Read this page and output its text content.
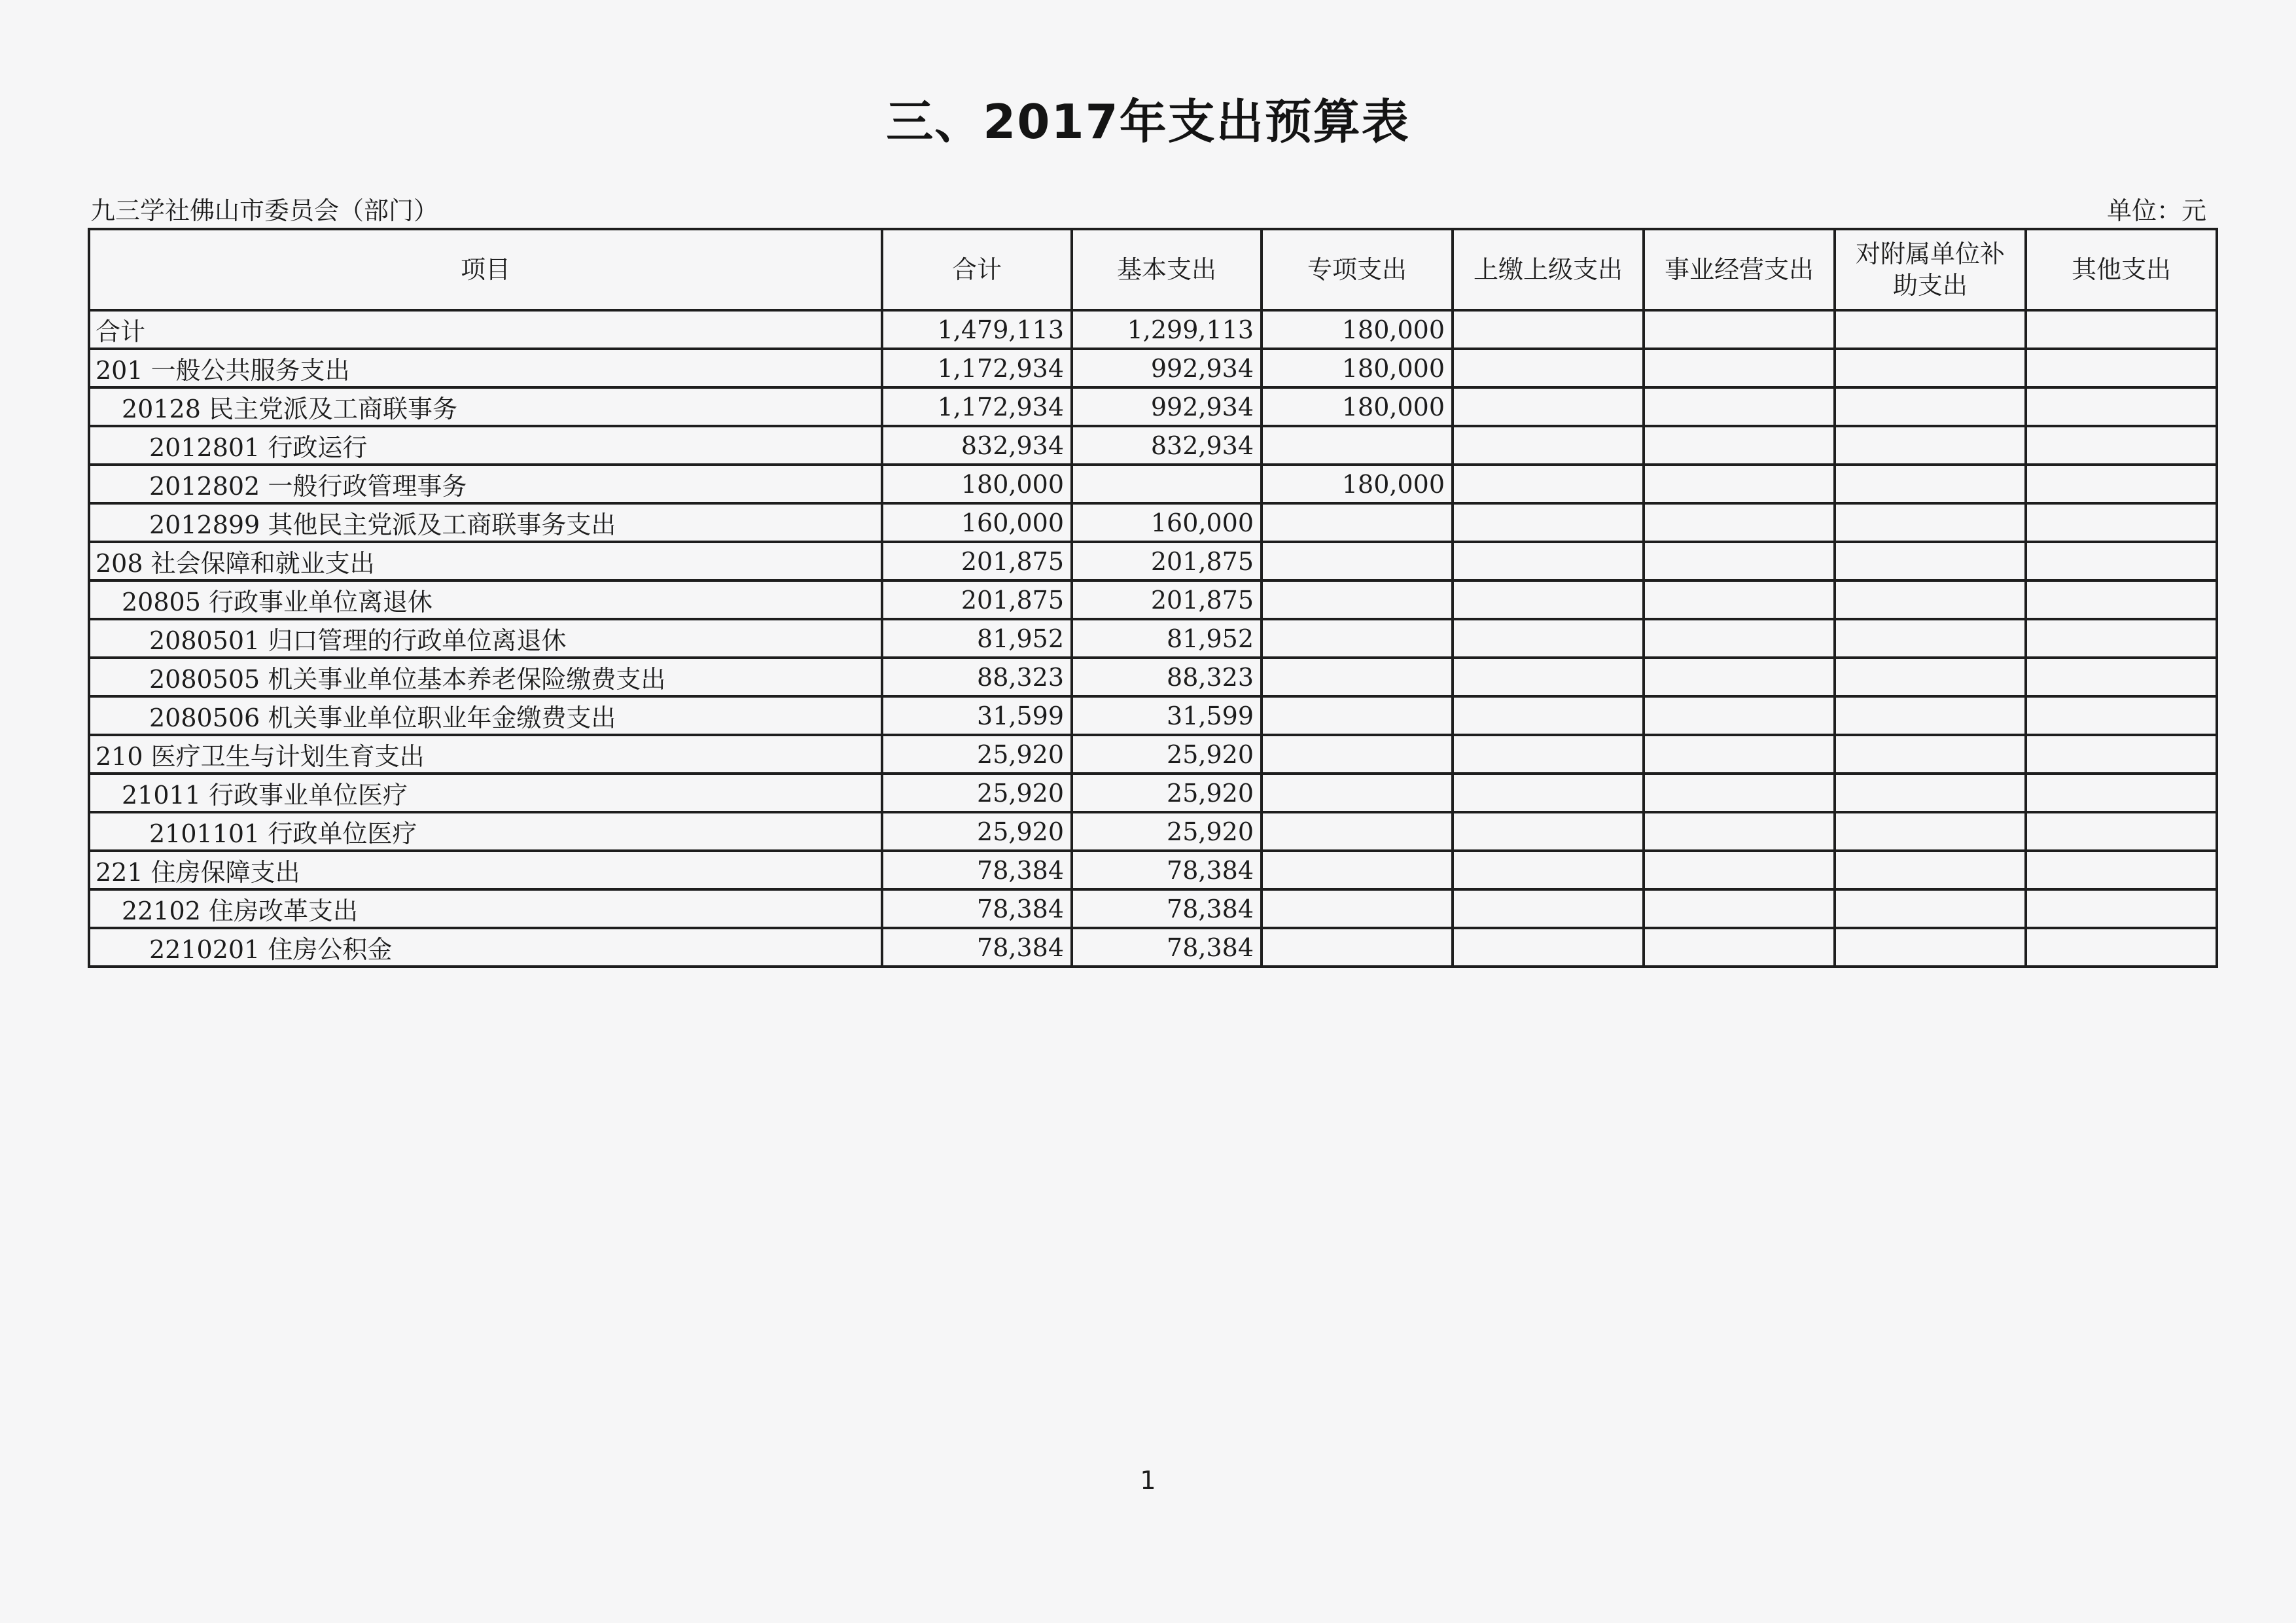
三、2017年支出预算表
九三学社佛山市委员会（部门）	单位：元
项目	合计	基本支出	专项支出	上缴上级支出	事业经营支出	对附属单位补助支出	其他支出
合计	1,479,113	1,299,113	180,000				
201 一般公共服务支出	1,172,934	992,934	180,000				
20128 民主党派及工商联事务	1,172,934	992,934	180,000				
2012801 行政运行	832,934	832,934					
2012802 一般行政管理事务	180,000		180,000				
2012899 其他民主党派及工商联事务支出	160,000	160,000					
208 社会保障和就业支出	201,875	201,875					
20805 行政事业单位离退休	201,875	201,875					
2080501 归口管理的行政单位离退休	81,952	81,952					
2080505 机关事业单位基本养老保险缴费支出	88,323	88,323					
2080506 机关事业单位职业年金缴费支出	31,599	31,599					
210 医疗卫生与计划生育支出	25,920	25,920					
21011 行政事业单位医疗	25,920	25,920					
2101101 行政单位医疗	25,920	25,920					
221 住房保障支出	78,384	78,384					
22102 住房改革支出	78,384	78,384					
2210201 住房公积金	78,384	78,384					
1
